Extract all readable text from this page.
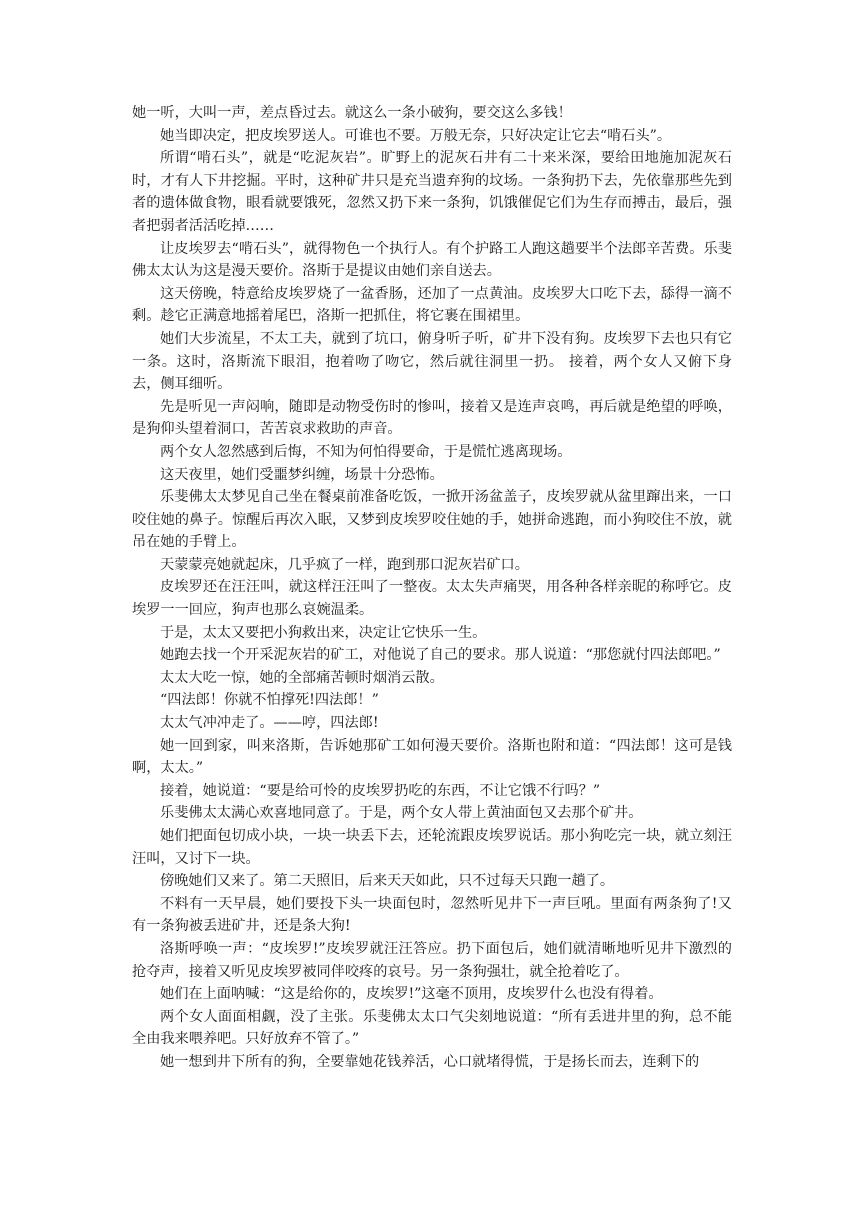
她一听，大叫一声，差点昏过去。就这么一条小破狗，要交这么多钱！

她当即决定，把皮埃罗送人。可谁也不要。万般无奈，只好决定让它去“啃石头”。

所谓“啃石头”，就是“吃泥灰岩”。旷野上的泥灰石井有二十来米深，要给田地施加泥灰石时，才有人下井挖掘。平时，这种矿井只是充当遗弃狗的坟场。一条狗扔下去，先依靠那些先到者的遗体做食物，眼看就要饿死，忽然又扔下来一条狗，饥饿催促它们为生存而搏击，最后，强者把弱者活活吃掉……

让皮埃罗去“啃石头”，就得物色一个执行人。有个护路工人跑这趟要半个法郎辛苦费。乐斐佛太太认为这是漫天要价。洛斯于是提议由她们亲自送去。

这天傍晚，特意给皮埃罗烧了一盆香肠，还加了一点黄油。皮埃罗大口吃下去，舔得一滴不剩。趁它正满意地摇着尾巴，洛斯一把抓住，将它裹在围裙里。

她们大步流星，不太工夫，就到了坑口，俯身听子听，矿井下没有狗。皮埃罗下去也只有它一条。这时，洛斯流下眼泪，抱着吻了吻它，然后就往洞里一扔。 接着，两个女人又俯下身去，侧耳细听。

先是听见一声闷响，随即是动物受伤时的惨叫，接着又是连声哀鸣，再后就是绝望的呼唤，是狗仰头望着洞口，苦苦哀求救助的声音。

两个女人忽然感到后悔，不知为何怕得要命，于是慌忙逃离现场。

这天夜里，她们受噩梦纠缠，场景十分恐怖。

乐斐佛太太梦见自己坐在餐桌前准备吃饭，一掀开汤盆盖子，皮埃罗就从盆里蹿出来，一口咬住她的鼻子。惊醒后再次入眠，又梦到皮埃罗咬住她的手，她拼命逃跑，而小狗咬住不放，就吊在她的手臂上。

天蒙蒙亮她就起床，几乎疯了一样，跑到那口泥灰岩矿口。

皮埃罗还在汪汪叫，就这样汪汪叫了一整夜。太太失声痛哭，用各种各样亲昵的称呼它。皮埃罗一一回应，狗声也那么哀婉温柔。

于是，太太又要把小狗救出来，决定让它快乐一生。

她跑去找一个开采泥灰岩的矿工，对他说了自己的要求。那人说道：“那您就付四法郎吧。”

太太大吃一惊，她的全部痛苦顿时烟消云散。

“四法郎！你就不怕撑死!四法郎！”

太太气冲冲走了。——哼，四法郎!

她一回到家，叫来洛斯，告诉她那矿工如何漫天要价。洛斯也附和道：“四法郎！这可是钱啊，太太。”

接着，她说道：“要是给可怜的皮埃罗扔吃的东西，不让它饿不行吗？”

乐斐佛太太满心欢喜地同意了。于是，两个女人带上黄油面包又去那个矿井。

她们把面包切成小块，一块一块丢下去，还轮流跟皮埃罗说话。那小狗吃完一块，就立刻汪汪叫，又讨下一块。

傍晚她们又来了。第二天照旧，后来天天如此，只不过每天只跑一趟了。

不料有一天早晨，她们要投下头一块面包时，忽然听见井下一声巨吼。里面有两条狗了!又有一条狗被丢进矿井，还是条大狗!

洛斯呼唤一声：“皮埃罗!”皮埃罗就汪汪答应。扔下面包后，她们就清晰地听见井下激烈的抢夺声，接着又听见皮埃罗被同伴咬疼的哀号。另一条狗强壮，就全抢着吃了。

她们在上面呐喊：“这是给你的，皮埃罗!”这毫不顶用，皮埃罗什么也没有得着。

两个女人面面相觑，没了主张。乐斐佛太太口气尖刻地说道：“所有丢进井里的狗，总不能全由我来喂养吧。只好放弃不管了。”

她一想到井下所有的狗，全要靠她花钱养活，心口就堵得慌，于是扬长而去，连剩下的
